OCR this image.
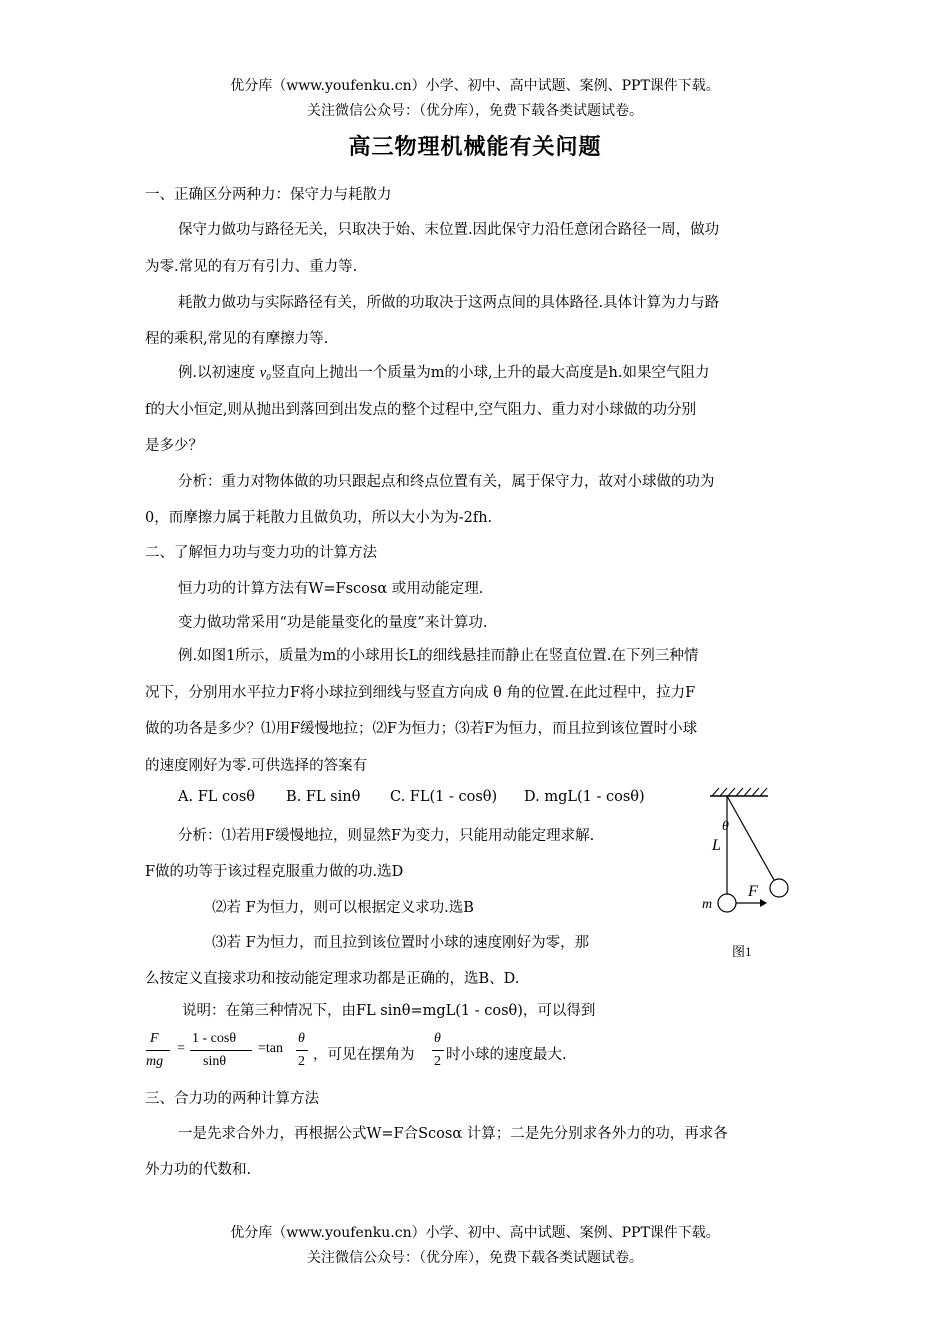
优分库（www.youfenku.cn）小学、初中、高中试题、案例、PPT课件下载。
关注微信公众号：（优分库），免费下载各类试题试卷。
高三物理机械能有关问题
一、正确区分两种力：保守力与耗散力
保守力做功与路径无关，只取决于始、末位置.因此保守力沿任意闭合路径一周，做功
为零.常见的有万有引力、重力等.
耗散力做功与实际路径有关，所做的功取决于这两点间的具体路径.具体计算为力与路
程的乘积,常见的有摩擦力等.
例.以初速度 v₀竖直向上抛出一个质量为m的小球,上升的最大高度是h.如果空气阻力
f的大小恒定,则从抛出到落回到出发点的整个过程中,空气阻力、重力对小球做的功分别
是多少？
分析：重力对物体做的功只跟起点和终点位置有关，属于保守力，故对小球做的功为
0，而摩擦力属于耗散力且做负功，所以大小为为-2fh.
二、了解恒力功与变力功的计算方法
恒力功的计算方法有W=Fscosα 或用动能定理.
变力做功常采用“功是能量变化的量度”来计算功.
例.如图1所示，质量为m的小球用长L的细线悬挂而静止在竖直位置.在下列三种情
况下，分别用水平拉力F将小球拉到细线与竖直方向成 θ 角的位置.在此过程中，拉力F
做的功各是多少？⑴用F缓慢地拉；⑵F为恒力；⑶若F为恒力，而且拉到该位置时小球
的速度刚好为零.可供选择的答案有
A. FL cosθ B. FL sinθ C. FL(1 - cosθ) D. mgL(1 - cosθ)
分析：⑴若用F缓慢地拉，则显然F为变力，只能用动能定理求解.
F做的功等于该过程克服重力做的功.选D
⑵若 F为恒力，则可以根据定义求功.选B
⑶若 F为恒力，而且拉到该位置时小球的速度刚好为零，那
么按定义直接求功和按动能定理求功都是正确的，选B、D.
说明：在第三种情况下，由FL sinθ=mgL(1 - cosθ)，可以得到
F
mg
=
1 - cosθ
sinθ
=tan
θ
2 ，可见在摆角为
θ
2 时小球的速度最大.
三、合力功的两种计算方法
一是先求合外力，再根据公式W=F合Scosα 计算；二是先分别求各外力的功，再求各
外力功的代数和.
θ
L
F
m
图1
优分库（www.youfenku.cn）小学、初中、高中试题、案例、PPT课件下载。
关注微信公众号：（优分库），免费下载各类试题试卷。
